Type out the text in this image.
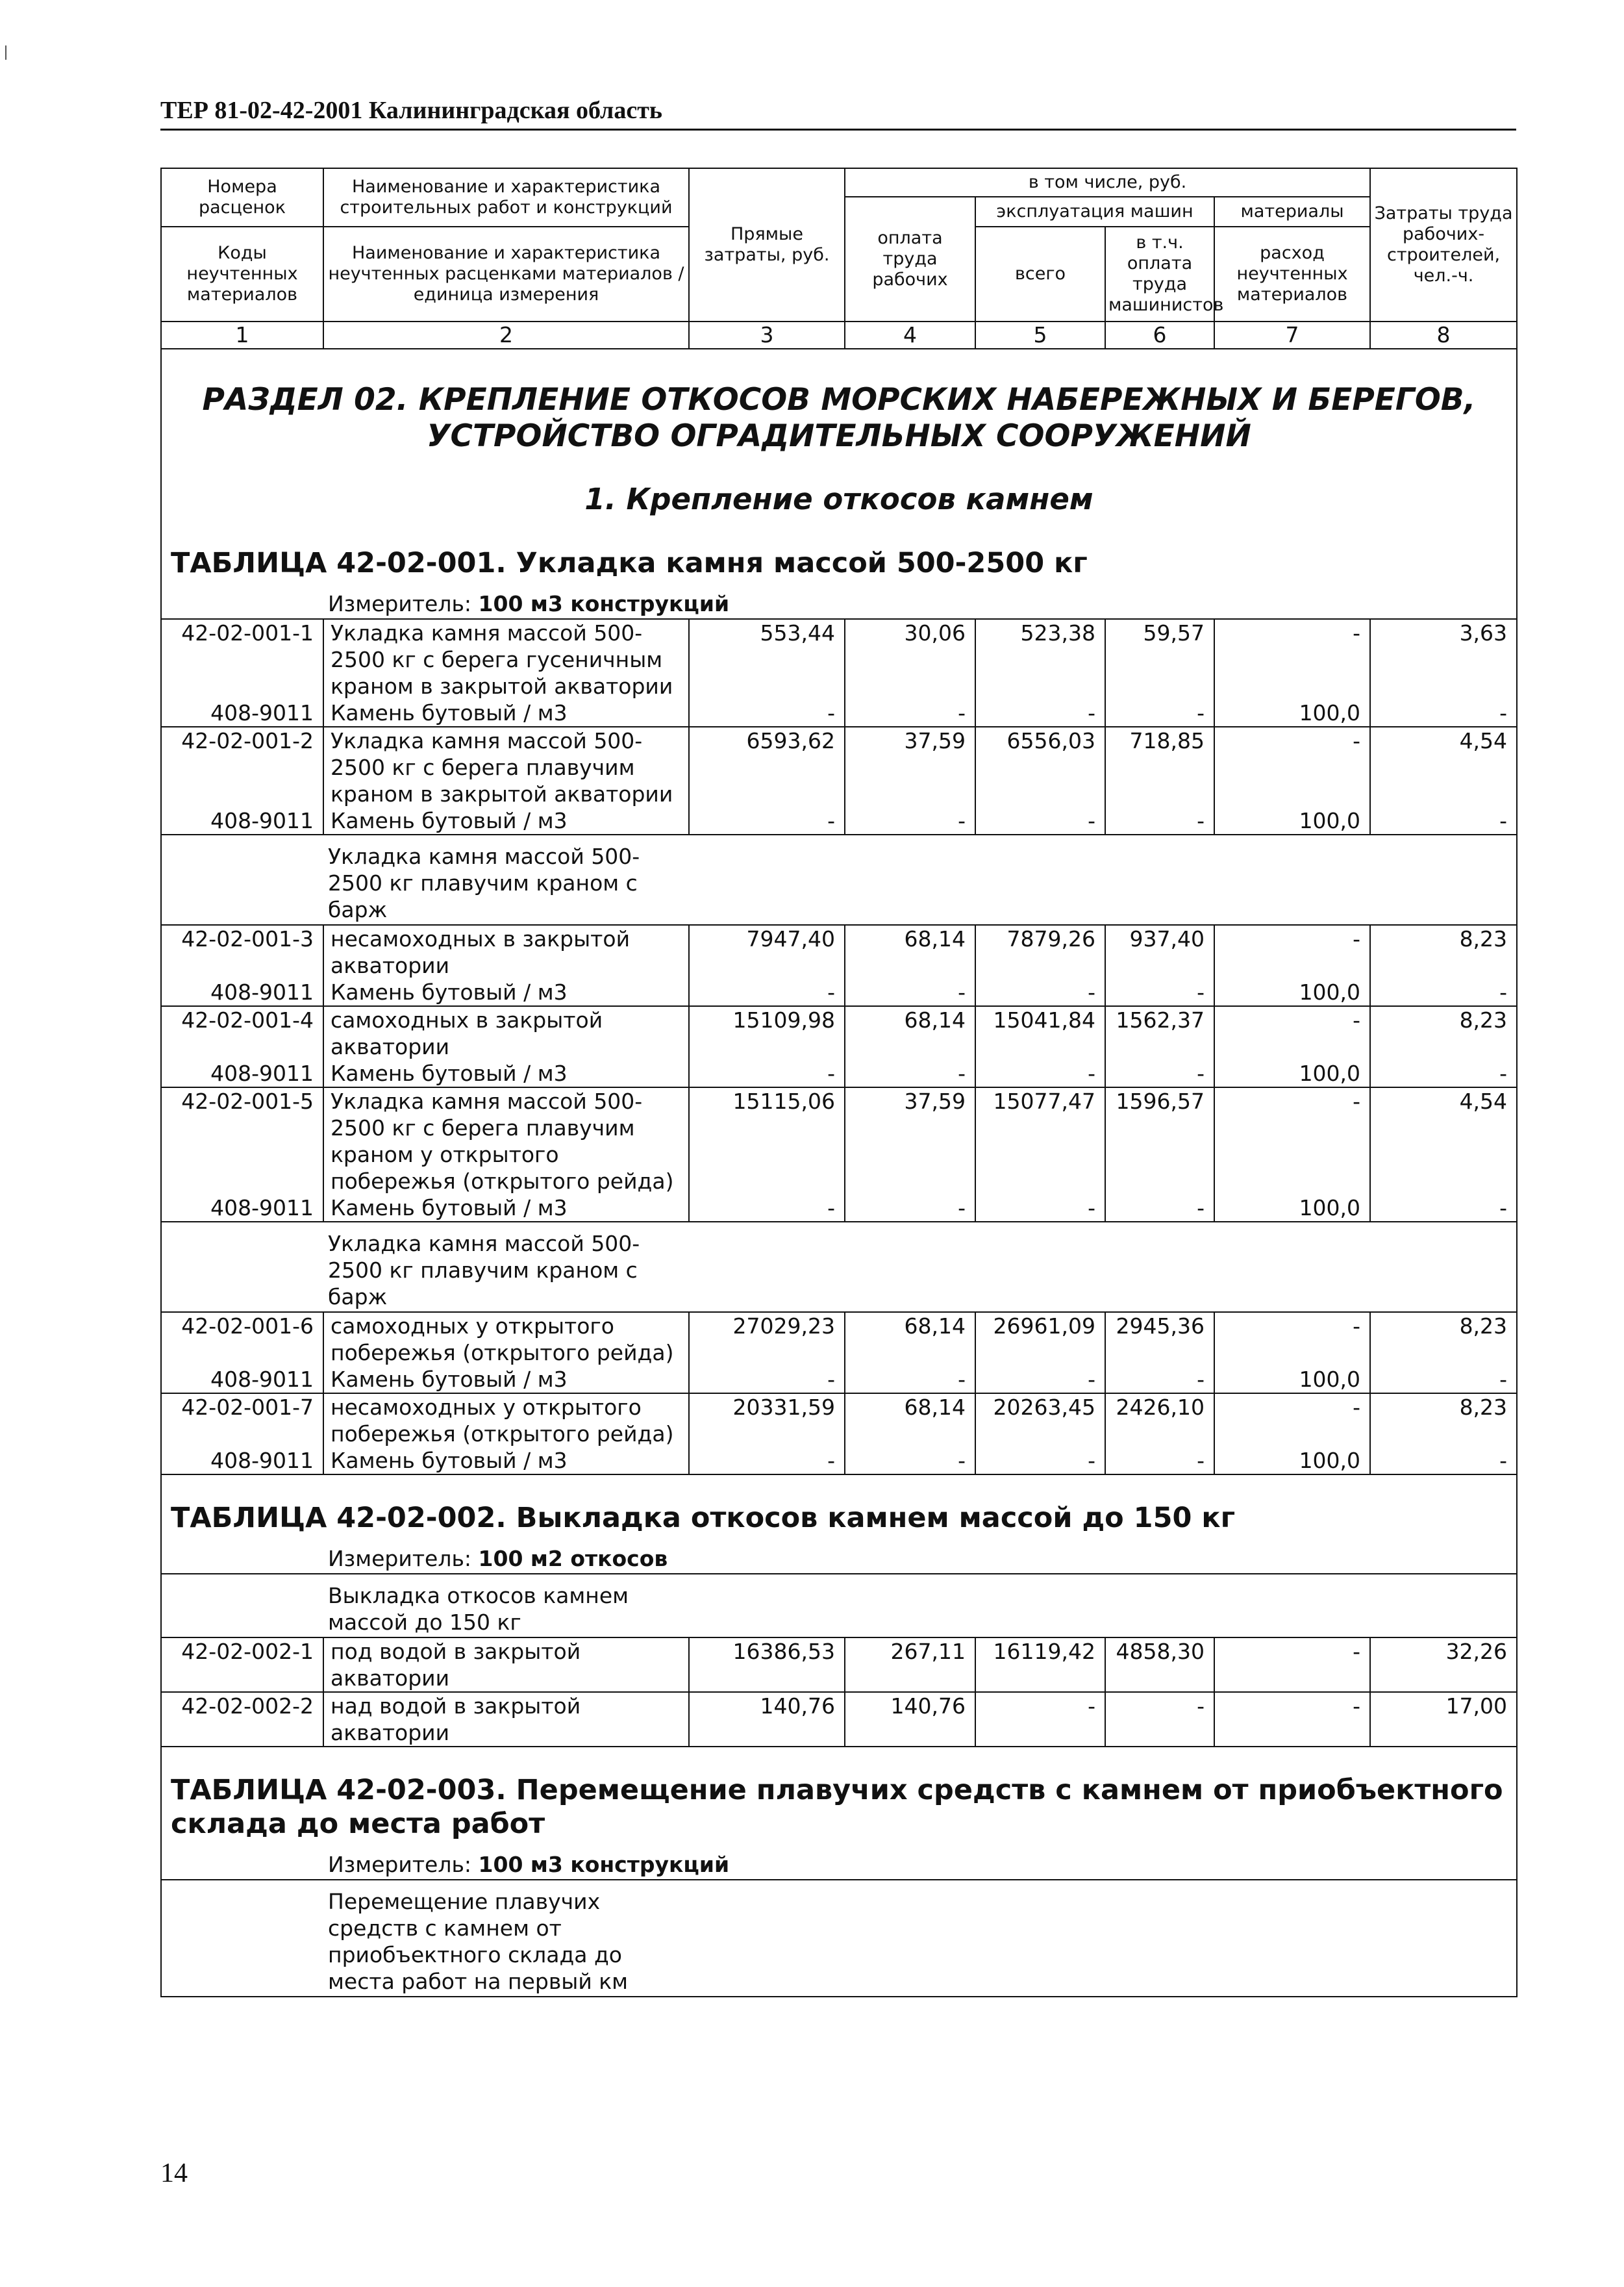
ТЕР 81-02-42-2001 Калининградская область
Номера расценок	Наименование и характеристика строительных работ и конструкций	Прямые затраты, руб.	в том числе, руб.				Затраты труда рабочих-строителей, чел.-ч.
			оплата труда рабочих	эксплуатация машин		материалы	
Коды неучтенных материалов	Наименование и характеристика неучтенных расценками материалов / единица измерения			всего	в т.ч. оплата труда машинистов	расход неучтенных материалов	

1	2	3	4	5	6	7	8

РАЗДЕЛ 02. КРЕПЛЕНИЕ ОТКОСОВ МОРСКИХ НАБЕРЕЖНЫХ И БЕРЕГОВ,
УСТРОЙСТВО ОГРАДИТЕЛЬНЫХ СООРУЖЕНИЙ
1. Крепление откосов камнем
ТАБЛИЦА 42-02-001. Укладка камня массой 500-2500 кг
Измеритель: 100 м3 конструкций							

42-02-001-1	Укладка камня массой 500-2500 кг с берега гусеничным краном в закрытой акватории	553,44	30,06	523,38	59,57	-	3,63
408-9011	Камень бутовый / м3	-	-	-	-	100,0	-
42-02-001-2	Укладка камня массой 500-2500 кг с берега плавучим краном в закрытой акватории	6593,62	37,59	6556,03	718,85	-	4,54
408-9011	Камень бутовый / м3	-	-	-	-	100,0	-

Укладка камня массой 500-2500 кг плавучим краном с барж							

42-02-001-3	несамоходных в закрытой акватории	7947,40	68,14	7879,26	937,40	-	8,23
408-9011	Камень бутовый / м3	-	-	-	-	100,0	-
42-02-001-4	самоходных в закрытой акватории	15109,98	68,14	15041,84	1562,37	-	8,23
408-9011	Камень бутовый / м3	-	-	-	-	100,0	-
42-02-001-5	Укладка камня массой 500-2500 кг с берега плавучим краном у открытого побережья (открытого рейда)	15115,06	37,59	15077,47	1596,57	-	4,54
408-9011	Камень бутовый / м3	-	-	-	-	100,0	-

Укладка камня массой 500-2500 кг плавучим краном с барж							

42-02-001-6	самоходных у открытого побережья (открытого рейда)	27029,23	68,14	26961,09	2945,36	-	8,23
408-9011	Камень бутовый / м3	-	-	-	-	100,0	-
42-02-001-7	несамоходных у открытого побережья (открытого рейда)	20331,59	68,14	20263,45	2426,10	-	8,23
408-9011	Камень бутовый / м3	-	-	-	-	100,0	-

ТАБЛИЦА 42-02-002. Выкладка откосов камнем массой до 150 кг
Измеритель: 100 м2 откосов							

Выкладка откосов камнем массой до 150 кг							

42-02-002-1	под водой в закрытой акватории	16386,53	267,11	16119,42	4858,30	-	32,26
42-02-002-2	над водой в закрытой акватории	140,76	140,76	-	-	-	17,00

ТАБЛИЦА 42-02-003. Перемещение плавучих средств с камнем от приобъектного
склада до места работ
Измеритель: 100 м3 конструкций							

Перемещение плавучих средств с камнем от приобъектного склада до места работ на первый км							
14
